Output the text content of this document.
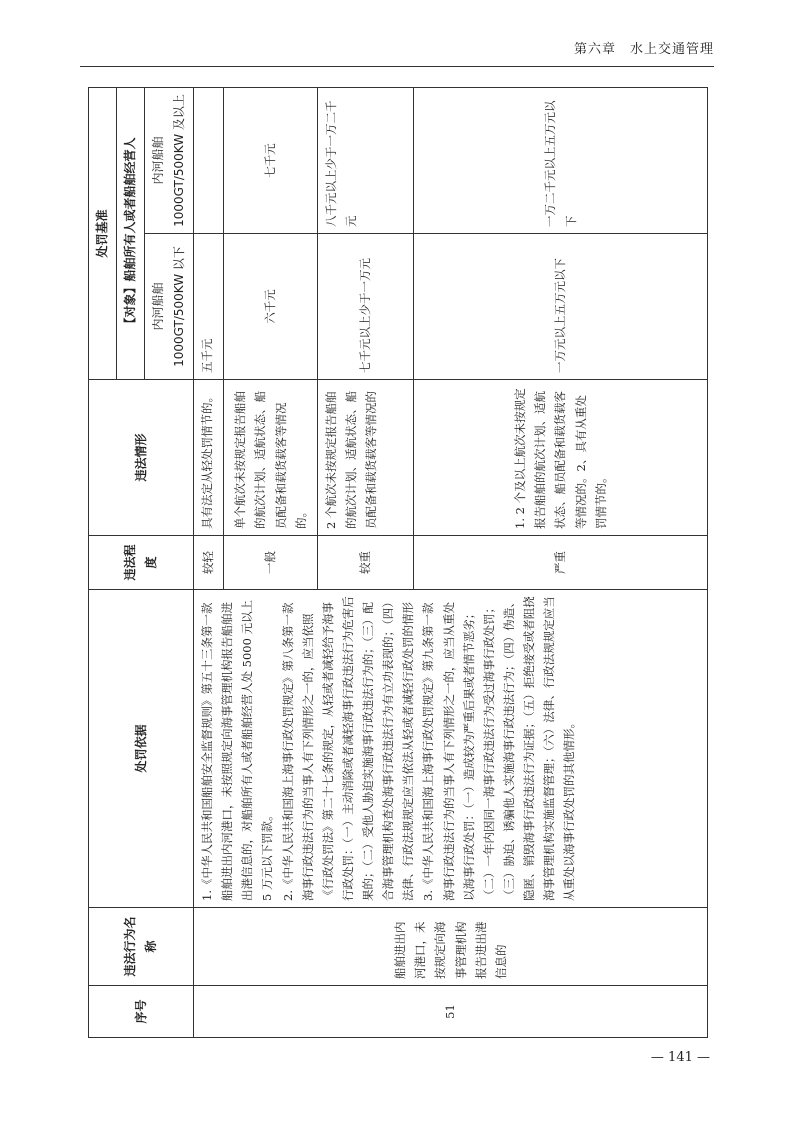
第六章　水上交通管理
序号	违法行为名称	处罚依据	违法程度	违法情形	处罚基准	
					【对象】船舶所有人或者船舶经营人	
					内河船舶 1000GT/500KW 以下	内河船舶 1000GT/500KW 及以上
51	船舶进出内河港口，未按规定向海事管理机构报告进出港信息的	1.《中华人民共和国船舶安全监督规则》第五十三条第一款 船舶进出内河港口，未按照规定向海事管理机构报告船舶进出港信息的，对船舶所有人或者船舶经营人处 5000 元以上 5 万元以下罚款。 2.《中华人民共和国海上海事行政处罚规定》第八条第一款 海事行政违法行为的当事人有下列情形之一的，应当依照《行政处罚法》第二十七条的规定，从轻或者减轻给予海事行政处罚：（一）主动消除或者减轻海事行政违法行为危害后果的；（二）受他人胁迫实施海事行政违法行为的；（三）配合海事管理机构查处海事行政违法行为有立功表现的；（四）法律、行政法规规定应当依法从轻或者减轻行政处罚的情形 3.《中华人民共和国海上海事行政处罚规定》第九条第一款 海事行政违法行为的当事人有下列情形之一的，应当从重处以海事行政处罚：（一）造成较为严重后果或者情节恶劣；（二）一年内因同一海事行政违法行为受过海事行政处罚；（三）胁迫、诱骗他人实施海事行政违法行为；（四）伪造、隐匿、销毁海事行政违法行为证据；（五）拒绝接受或者阻挠海事管理机构实施监督管理；（六）法律、行政法规规定应当从重处以海事行政处罚的其他情形。	较轻	具有法定从轻处罚情节的。	五千元	
			一般	单个航次未按规定报告船舶的航次计划、适航状态、船员配备和载货载客等情况的。	六千元	七千元
			较重	2 个航次未按规定报告船舶的航次计划、适航状态、船员配备和载货载客等情况的	七千元以上少于一万元	八千元以上少于一万二千元
			严重	1. 2 个及以上航次未按规定报告船舶的航次计划、适航状态、船员配备和载货载客等情况的。2、具有从重处罚情节的。	一万元以上五万元以下	一万二千元以上五万元以下
— 141 —
